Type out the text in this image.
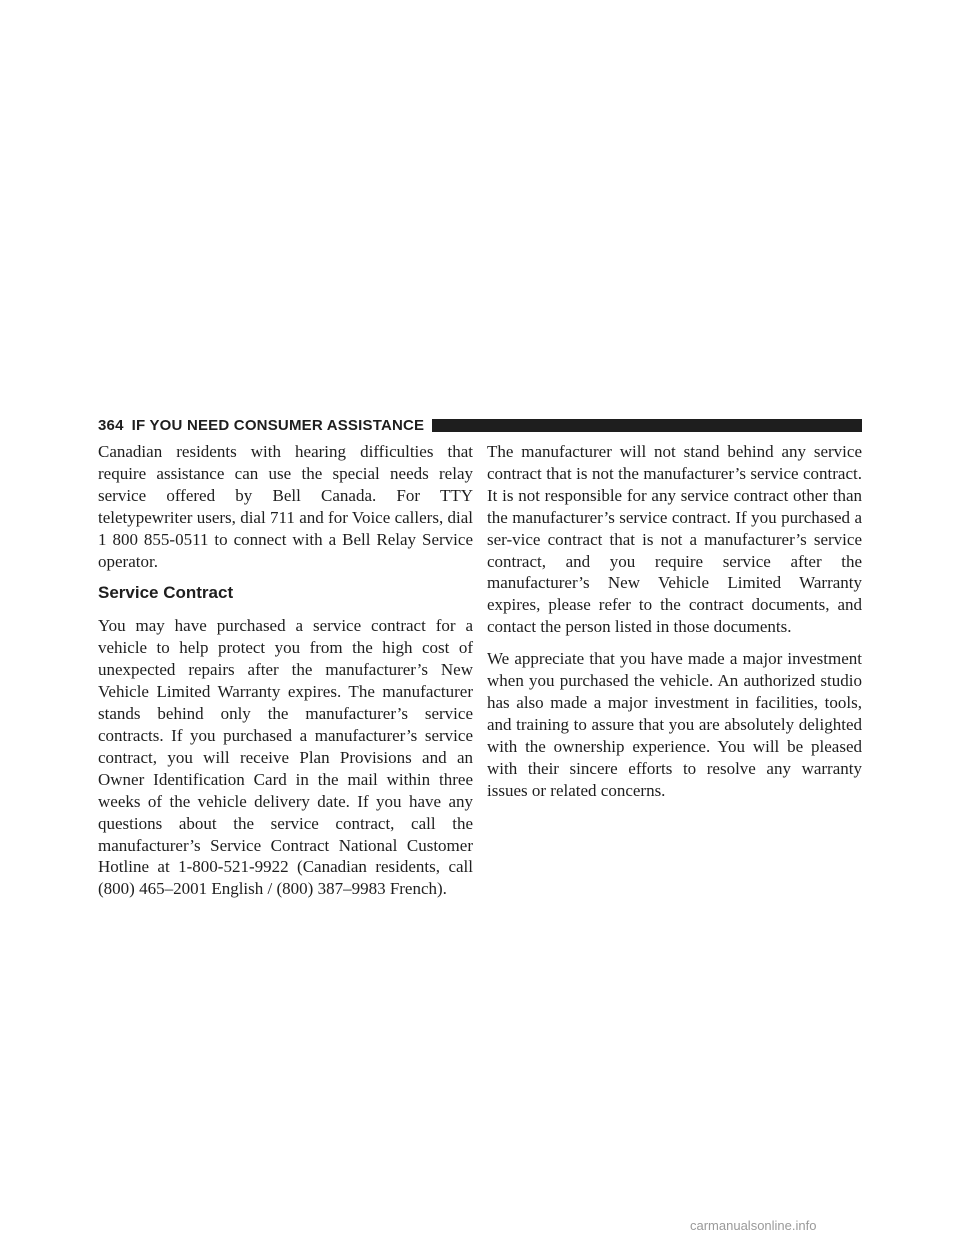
364 IF YOU NEED CONSUMER ASSISTANCE

Canadian residents with hearing difficulties that require assistance can use the special needs relay service offered by Bell Canada. For TTY teletypewriter users, dial 711 and for Voice callers, dial 1 800 855-0511 to connect with a Bell Relay Service operator.

Service Contract

You may have purchased a service contract for a vehicle to help protect you from the high cost of unexpected repairs after the manufacturer’s New Vehicle Limited Warranty expires. The manufacturer stands behind only the manufacturer’s service contracts. If you purchased a manufacturer’s service contract, you will receive Plan Provisions and an Owner Identification Card in the mail within three weeks of the vehicle delivery date. If you have any questions about the service contract, call the manufacturer’s Service Contract National Customer Hotline at 1-800-521-9922 (Canadian residents, call (800) 465–2001 English / (800) 387–9983 French).

The manufacturer will not stand behind any service contract that is not the manufacturer’s service contract. It is not responsible for any service contract other than the manufacturer’s service contract. If you purchased a ser-vice contract that is not a manufacturer’s service contract, and you require service after the manufacturer’s New Vehicle Limited Warranty expires, please refer to the contract documents, and contact the person listed in those documents.

We appreciate that you have made a major investment when you purchased the vehicle. An authorized studio has also made a major investment in facilities, tools, and training to assure that you are absolutely delighted with the ownership experience. You will be pleased with their sincere efforts to resolve any warranty issues or related concerns.

carmanualsonline.info
